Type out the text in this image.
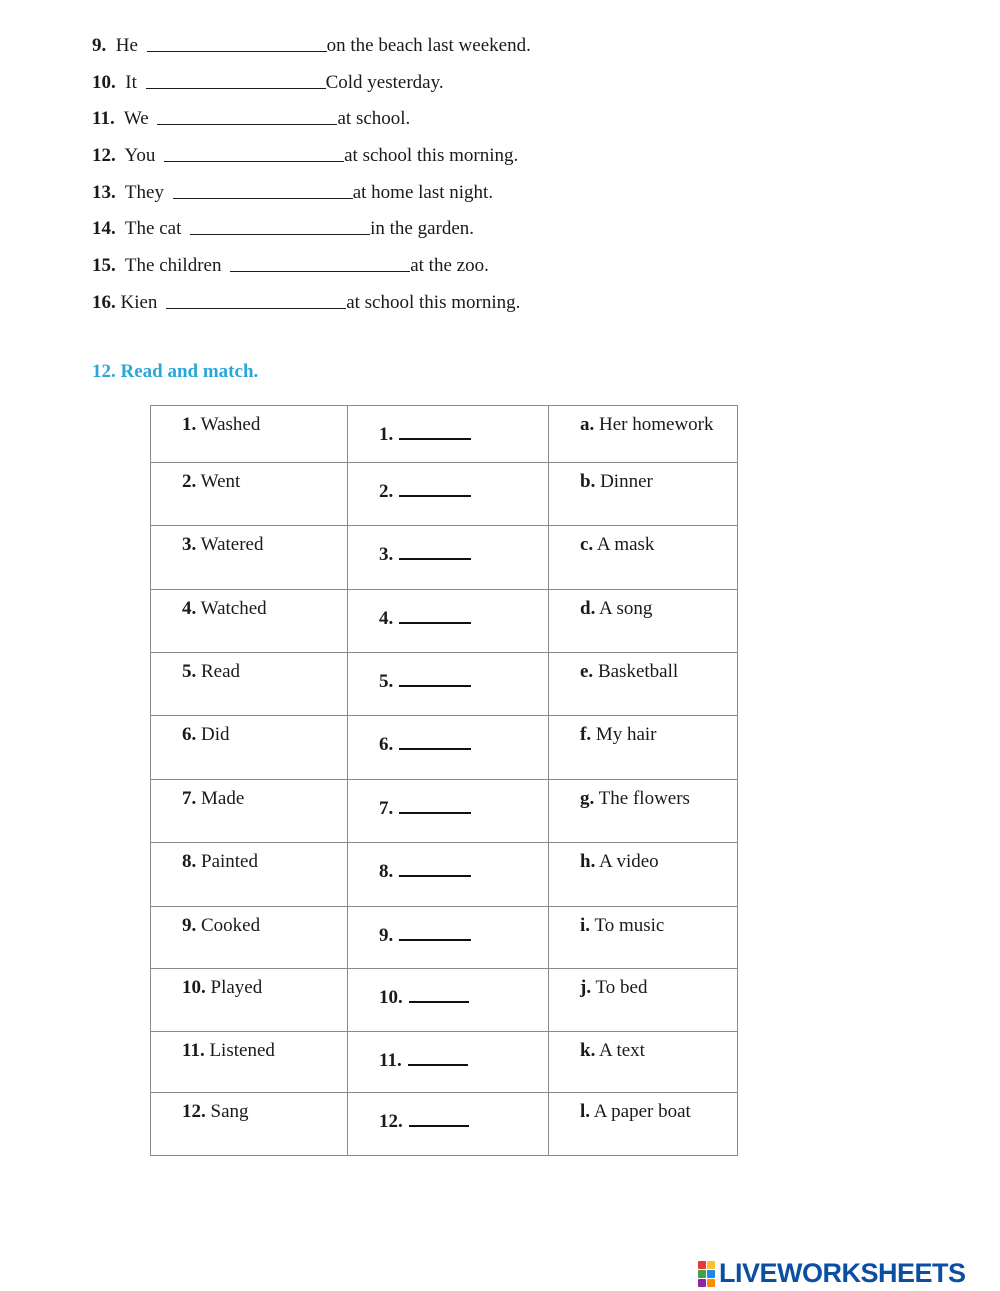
9. He	on the beach last weekend.
10. It	Cold yesterday.
11. We	at school.
12. You	at school this morning.
13. They	at home last night.
14. The cat	in the garden.
15. The children	at the zoo.
16. Kien	at school this morning.
12. Read and match.
1. Washed	1.	a. Her homework

2. Went	2.	b. Dinner

3. Watered	3.	c. A mask

4. Watched	4.	d. A song

5. Read	5.	e. Basketball

6. Did	6.	f. My hair

7. Made	7.	g. The flowers

8. Painted	8.	h. A video

9. Cooked	9.	i. To music

10. Played	10.	j. To bed

11. Listened	11.	k. A text

12. Sang	12.	l. A paper boat
LIVEWORKSHEETS
